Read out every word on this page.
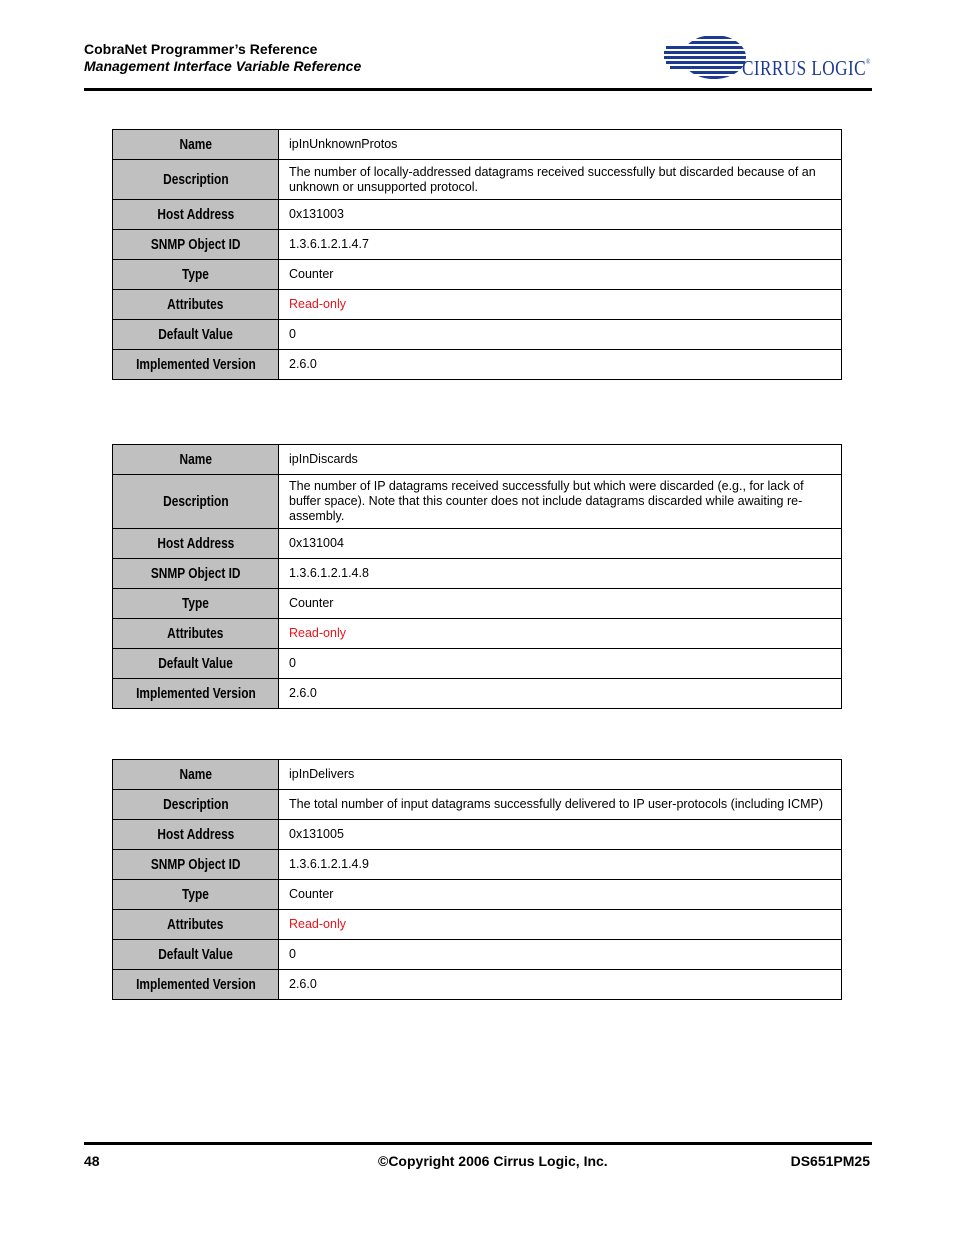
CobraNet Programmer’s Reference
Management Interface Variable Reference	CIRRUS LOGIC®
Name	ipInUnknownProtos
Description	The number of locally-addressed datagrams received successfully but discarded because of an unknown or unsupported protocol.
Host Address	0x131003
SNMP Object ID	1.3.6.1.2.1.4.7
Type	Counter
Attributes	Read-only
Default Value	0
Implemented Version	2.6.0
Name	ipInDiscards
Description	The number of IP datagrams received successfully but which were discarded (e.g., for lack of buffer space). Note that this counter does not include datagrams discarded while awaiting re-assembly.
Host Address	0x131004
SNMP Object ID	1.3.6.1.2.1.4.8
Type	Counter
Attributes	Read-only
Default Value	0
Implemented Version	2.6.0
Name	ipInDelivers
Description	The total number of input datagrams successfully delivered to IP user-protocols (including ICMP)
Host Address	0x131005
SNMP Object ID	1.3.6.1.2.1.4.9
Type	Counter
Attributes	Read-only
Default Value	0
Implemented Version	2.6.0
48	©Copyright 2006 Cirrus Logic, Inc.	DS651PM25
